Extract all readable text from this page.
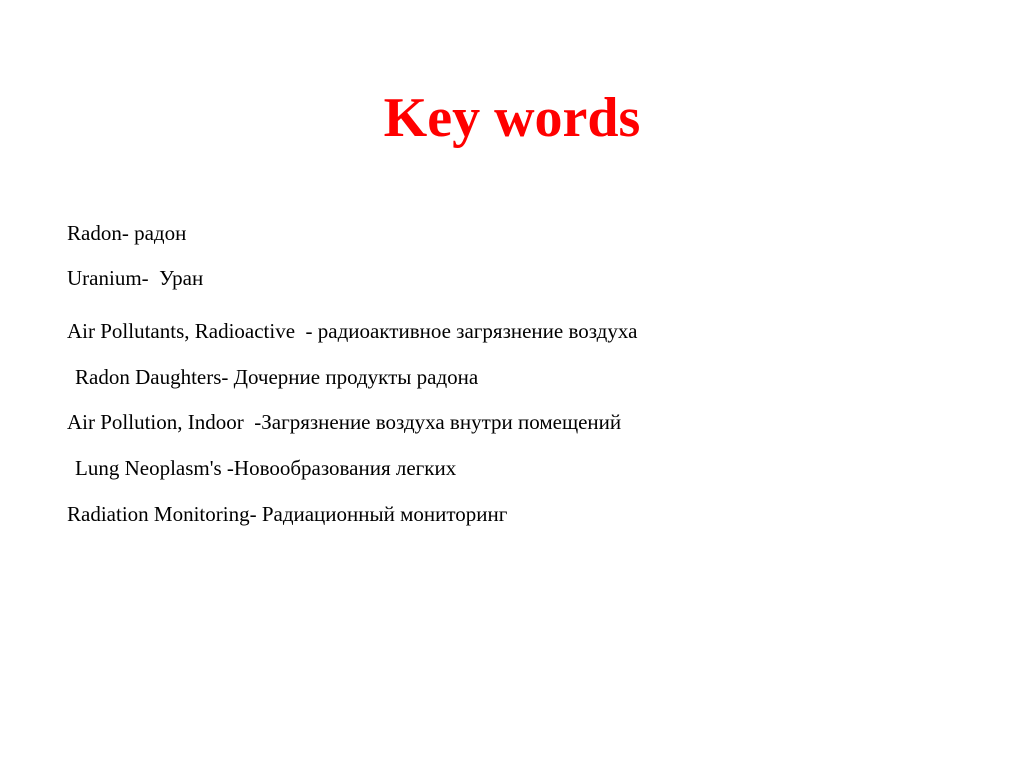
Key words

Radon- радон

Uranium-  Уран

Air Pollutants, Radioactive  - радиоактивное загрязнение воздуха

Radon Daughters- Дочерние продукты радона

Air Pollution, Indoor  -Загрязнение воздуха внутри помещений

Lung Neoplasm's -Новообразования легких

Radiation Monitoring- Радиационный мониторинг
